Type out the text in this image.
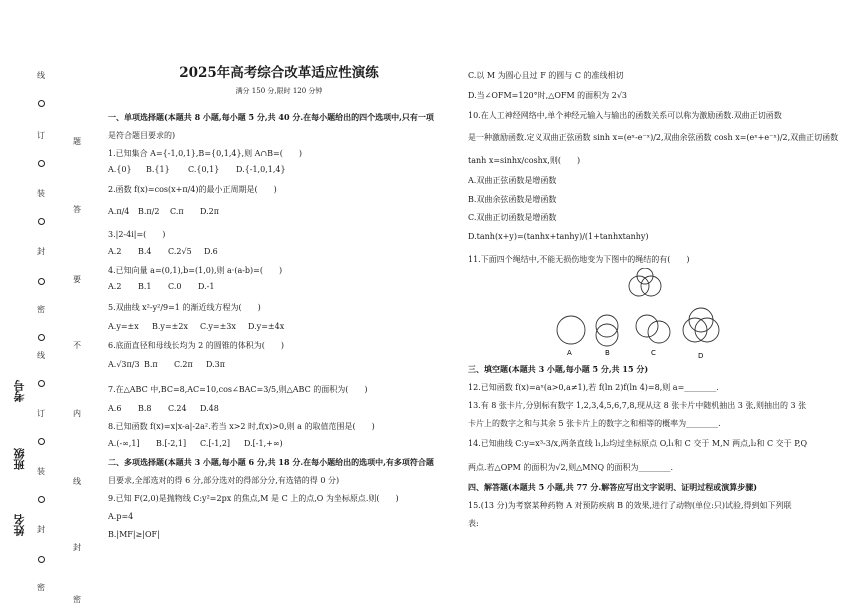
线
订
装
封
密
线
订
装
封
密
题
答
要
不
内
线
封
密
考号
班级
姓名
2025年高考综合改革适应性演练
满分 150 分,限时 120 分钟

一、单项选择题(本题共 8 小题,每小题 5 分,共 40 分.在每小题给出的四个选项中,只有一项

是符合题目要求的)

1.已知集合 A={-1,0,1},B={0,1,4},则 A∩B=(　　)

A.{0} B.{1} C.{0,1} D.{-1,0,1,4}

2.函数 f(x)=cos(x+π/4)的最小正周期是(　　)

A.π/4 B.π/2 C.π D.2π

3.|2-4i|=(　　)

A.2 B.4 C.2√5 D.6

4.已知向量 a=(0,1),b=(1,0),则 a·(a-b)=(　　)

A.2 B.1 C.0 D.-1

5.双曲线 x²-y²/9=1 的渐近线方程为(　　)

A.y=±x B.y=±2x C.y=±3x D.y=±4x

6.底面直径和母线长均为 2 的圆锥的体积为(　　)

A.√3π/3 B.π C.2π D.3π

7.在△ABC 中,BC=8,AC=10,cos∠BAC=3/5,则△ABC 的面积为(　　)

A.6 B.8 C.24 D.48

8.已知函数 f(x)=x|x-a|-2a².若当 x>2 时,f(x)>0,则 a 的取值范围是(　　)

A.(-∞,1] B.[-2,1] C.[-1,2] D.[-1,+∞)

二、多项选择题(本题共 3 小题,每小题 6 分,共 18 分.在每小题给出的选项中,有多项符合题

目要求,全部选对的得 6 分,部分选对的得部分分,有选错的得 0 分)

9.已知 F(2,0)是抛物线 C:y²=2px 的焦点,M 是 C 上的点,O 为坐标原点.则(　　)

A.p=4

B.|MF|≥|OF|

C.以 M 为圆心且过 F 的圆与 C 的准线相切

D.当∠OFM=120°时,△OFM 的面积为 2√3

10.在人工神经网络中,单个神经元输入与输出的函数关系可以称为激励函数.双曲正切函数

是一种激励函数.定义双曲正弦函数 sinh x=(eˣ-e⁻ˣ)/2,双曲余弦函数 cosh x=(eˣ+e⁻ˣ)/2,双曲正切函数

tanh x=sinhx/coshx,则(　　)

A.双曲正弦函数是增函数

B.双曲余弦函数是增函数

C.双曲正切函数是增函数

D.tanh(x+y)=(tanhx+tanhy)/(1+tanhxtanhy)

11.下面四个绳结中,不能无损伤地变为下图中的绳结的有(　　)

三、填空题(本题共 3 小题,每小题 5 分,共 15 分)

12.已知函数 f(x)=aˣ(a>0,a≠1),若 f(ln 2)f(ln 4)=8,则 a=________.

13.有 8 张卡片,分别标有数字 1,2,3,4,5,6,7,8,现从这 8 张卡片中随机抽出 3 张,则抽出的 3 张

卡片上的数字之和与其余 5 张卡片上的数字之和相等的概率为________.

14.已知曲线 C:y=x³-3/x,两条直线 l₁,l₂均过坐标原点 O,l₁和 C 交于 M,N 两点,l₂和 C 交于 P,Q

两点.若△OPM 的面积为√2,则△MNQ 的面积为________.

四、解答题(本题共 5 小题,共 77 分.解答应写出文字说明、证明过程或演算步骤)

15.(13 分)为考察某种药物 A 对预防疾病 B 的效果,进行了动物(单位:只)试验,得到如下列联

表:

A	B	C	D
